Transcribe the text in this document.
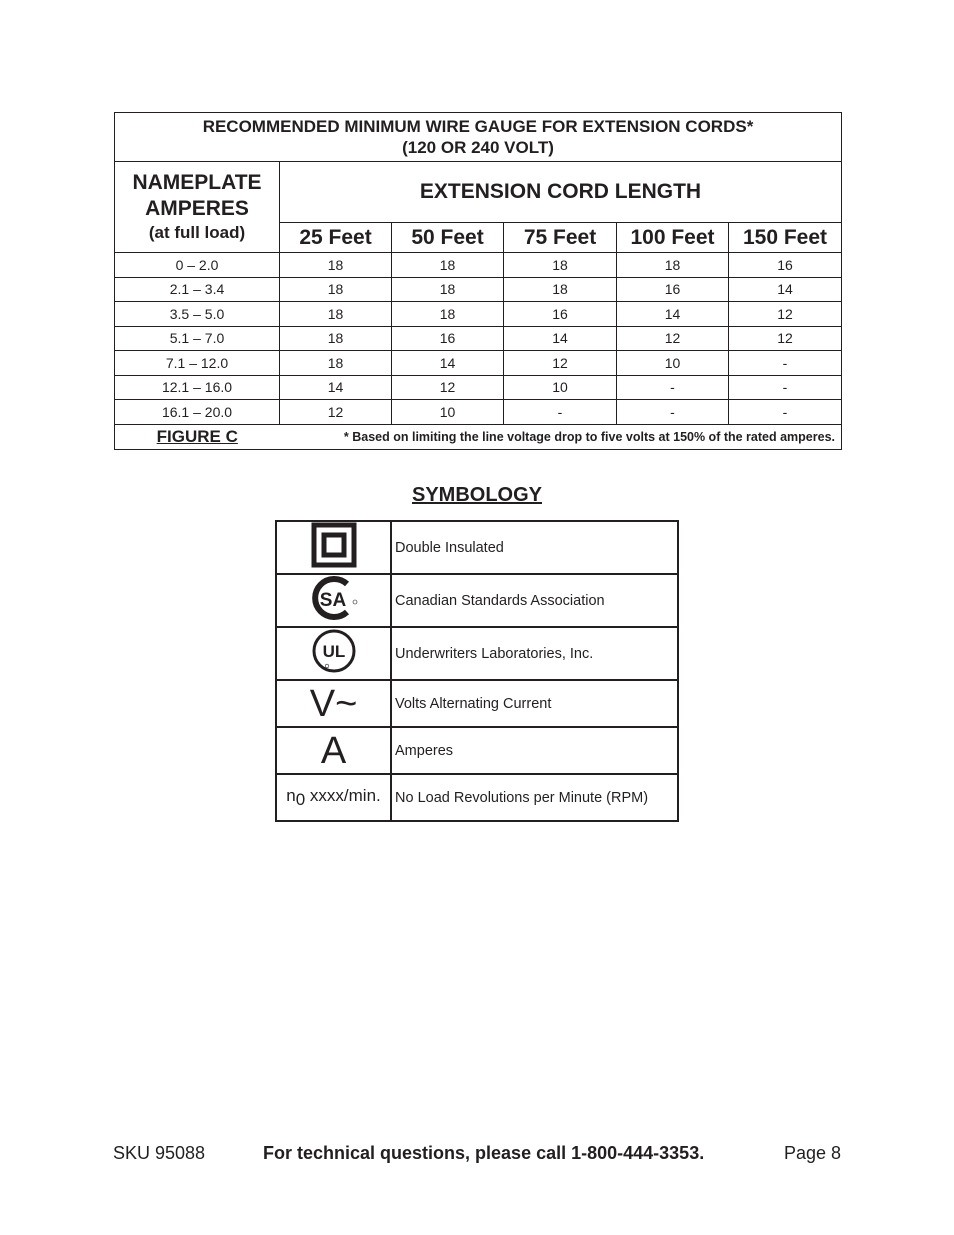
RECOMMENDED MINIMUM WIRE GAUGE FOR EXTENSION CORDS*
(120 OR 240 VOLT)					

NAMEPLATE
AMPERES
(at full load)	EXTENSION CORD LENGTH				
	25 Feet	50 Feet	75 Feet	100 Feet	150 Feet
0 – 2.0	18	18	18	18	16
2.1 – 3.4	18	18	18	16	14
3.5 – 5.0	18	18	16	14	12
5.1 – 7.0	18	16	14	12	12
7.1 – 12.0	18	14	12	10	-
12.1 – 16.0	14	12	10	-	-
16.1 – 20.0	12	10	-	-	-
FIGURE C	* Based on limiting the line voltage drop to five volts at 150% of the rated amperes.				
SYMBOLOGY
	Double Insulated

SA	Canadian Standards Association

UL	Underwriters Laboratories, Inc.
V~	Volts Alternating Current
A	Amperes
$n_0$ xxxx/min.	No Load Revolutions per Minute (RPM)
SKU 95088	For technical questions, please call 1-800-444-3353.	Page 8
